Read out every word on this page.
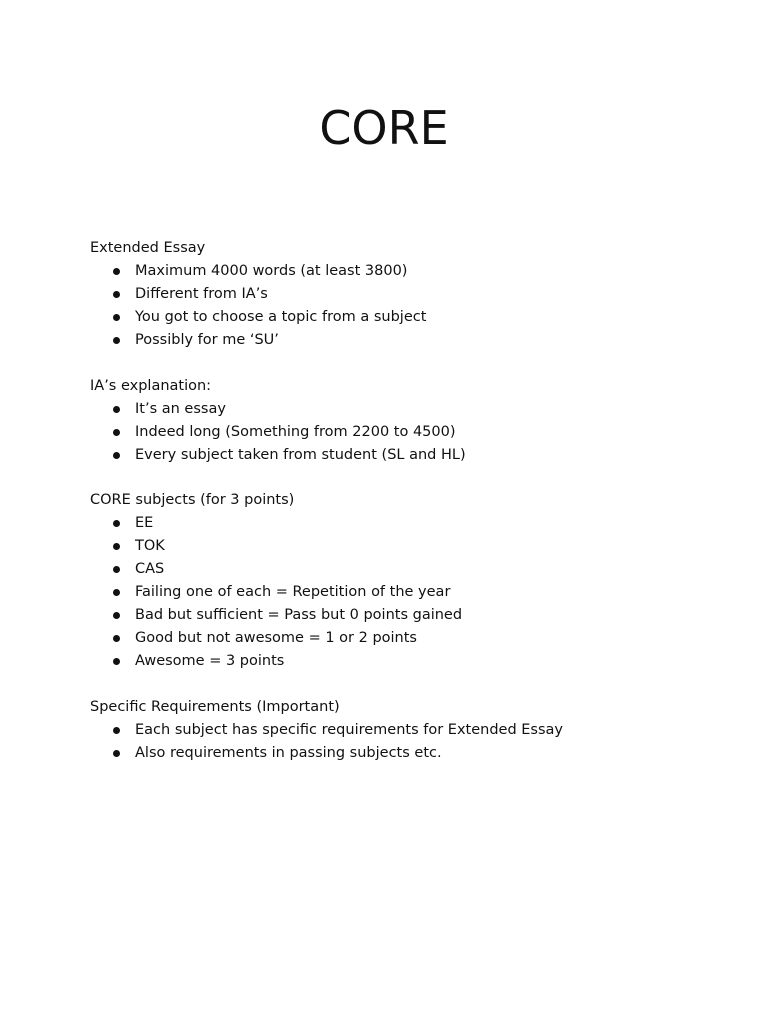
CORE

Extended Essay

Maximum 4000 words (at least 3800)
Different from IA’s
You got to choose a topic from a subject
Possibly for me ‘SU’

IA’s explanation:

It’s an essay
Indeed long (Something from 2200 to 4500)
Every subject taken from student (SL and HL)

CORE subjects (for 3 points)

EE
TOK
CAS
Failing one of each = Repetition of the year
Bad but sufficient = Pass but 0 points gained
Good but not awesome = 1 or 2 points
Awesome = 3 points

Specific Requirements (Important)

Each subject has specific requirements for Extended Essay
Also requirements in passing subjects etc.
